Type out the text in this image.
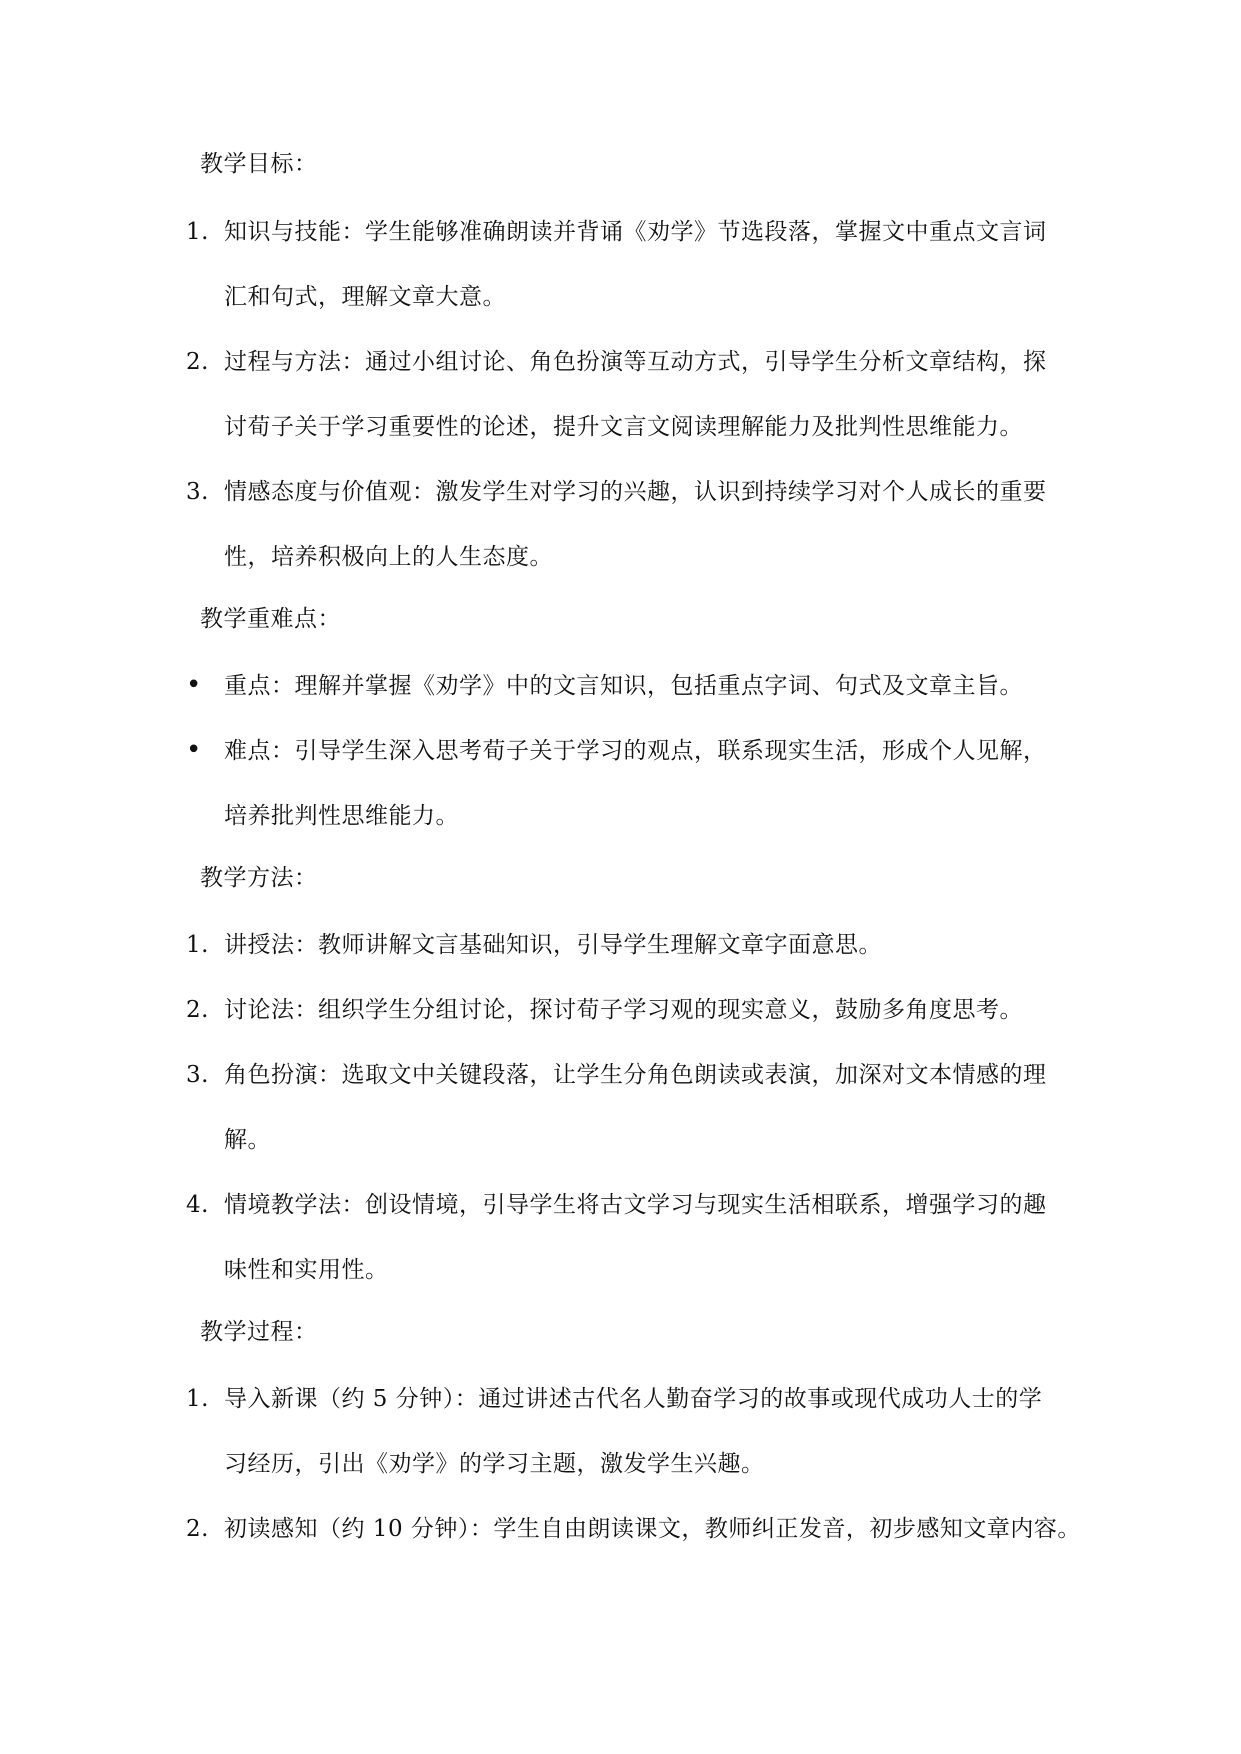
教学目标：
1. 知识与技能：学生能够准确朗读并背诵《劝学》节选段落，掌握文中重点文言词
汇和句式，理解文章大意。
2. 过程与方法：通过小组讨论、角色扮演等互动方式，引导学生分析文章结构，探
讨荀子关于学习重要性的论述，提升文言文阅读理解能力及批判性思维能力。
3. 情感态度与价值观：激发学生对学习的兴趣，认识到持续学习对个人成长的重要
性，培养积极向上的人生态度。
教学重难点：
• 重点：理解并掌握《劝学》中的文言知识，包括重点字词、句式及文章主旨。
• 难点：引导学生深入思考荀子关于学习的观点，联系现实生活，形成个人见解，
培养批判性思维能力。
教学方法：
1. 讲授法：教师讲解文言基础知识，引导学生理解文章字面意思。
2. 讨论法：组织学生分组讨论，探讨荀子学习观的现实意义，鼓励多角度思考。
3. 角色扮演：选取文中关键段落，让学生分角色朗读或表演，加深对文本情感的理
解。
4. 情境教学法：创设情境，引导学生将古文学习与现实生活相联系，增强学习的趣
味性和实用性。
教学过程：
1. 导入新课（约 5 分钟）：通过讲述古代名人勤奋学习的故事或现代成功人士的学
习经历，引出《劝学》的学习主题，激发学生兴趣。
2. 初读感知（约 10 分钟）：学生自由朗读课文，教师纠正发音，初步感知文章内容。
